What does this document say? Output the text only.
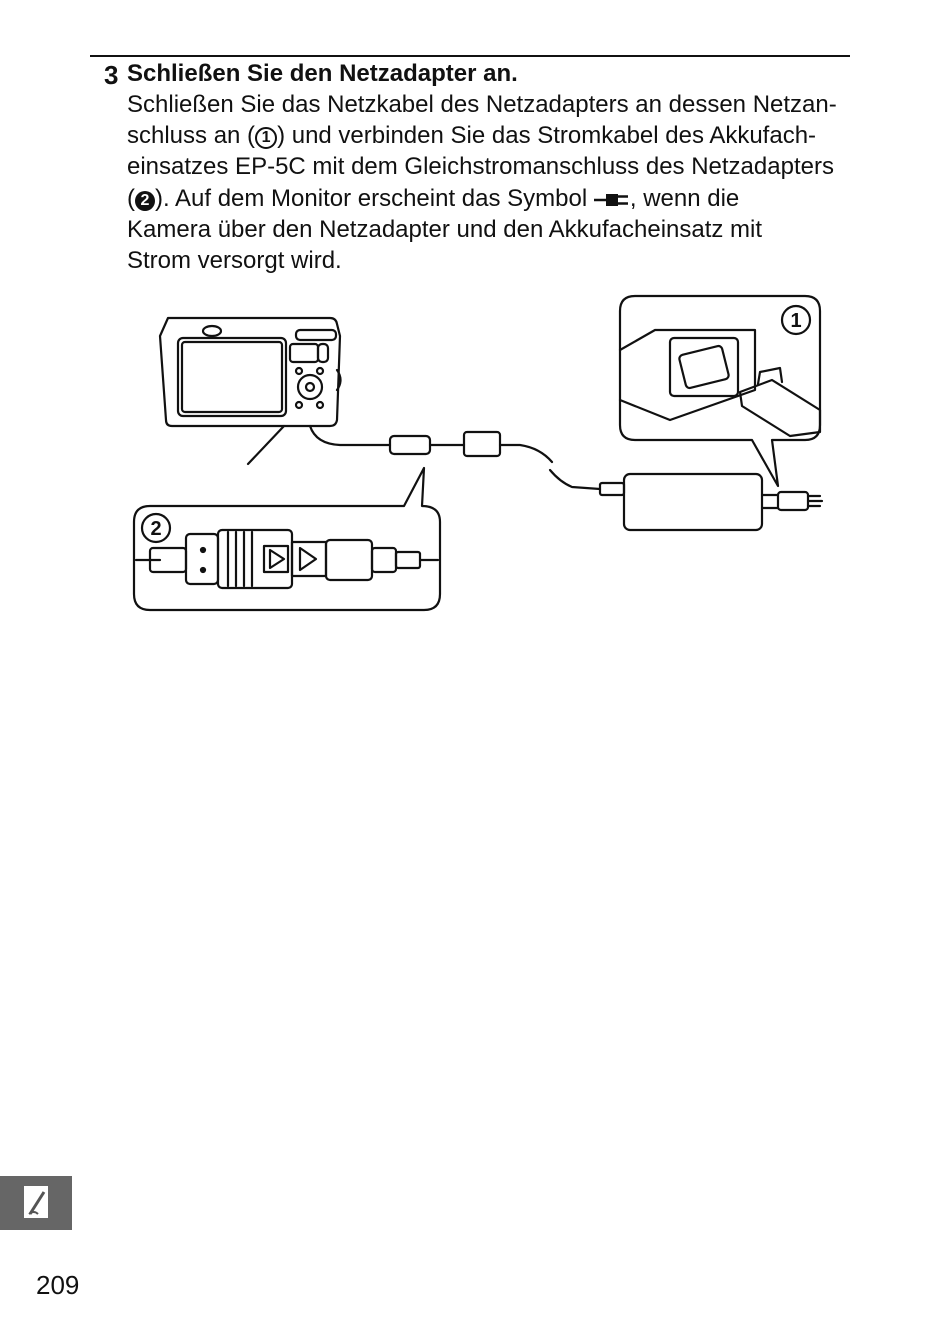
3 Schließen Sie den Netzadapter an.
Schließen Sie das Netzkabel des Netzadapters an dessen Netzan-
schluss an ( 1 ) und verbinden Sie das Stromkabel des Akkufach-
einsatzes EP-5C mit dem Gleichstromanschluss des Netzadapters
( 2 ). Auf dem Monitor erscheint das Symbol , wenn die
Kamera über den Netzadapter und den Akkufacheinsatz mit
Strom versorgt wird.
1
2
209
